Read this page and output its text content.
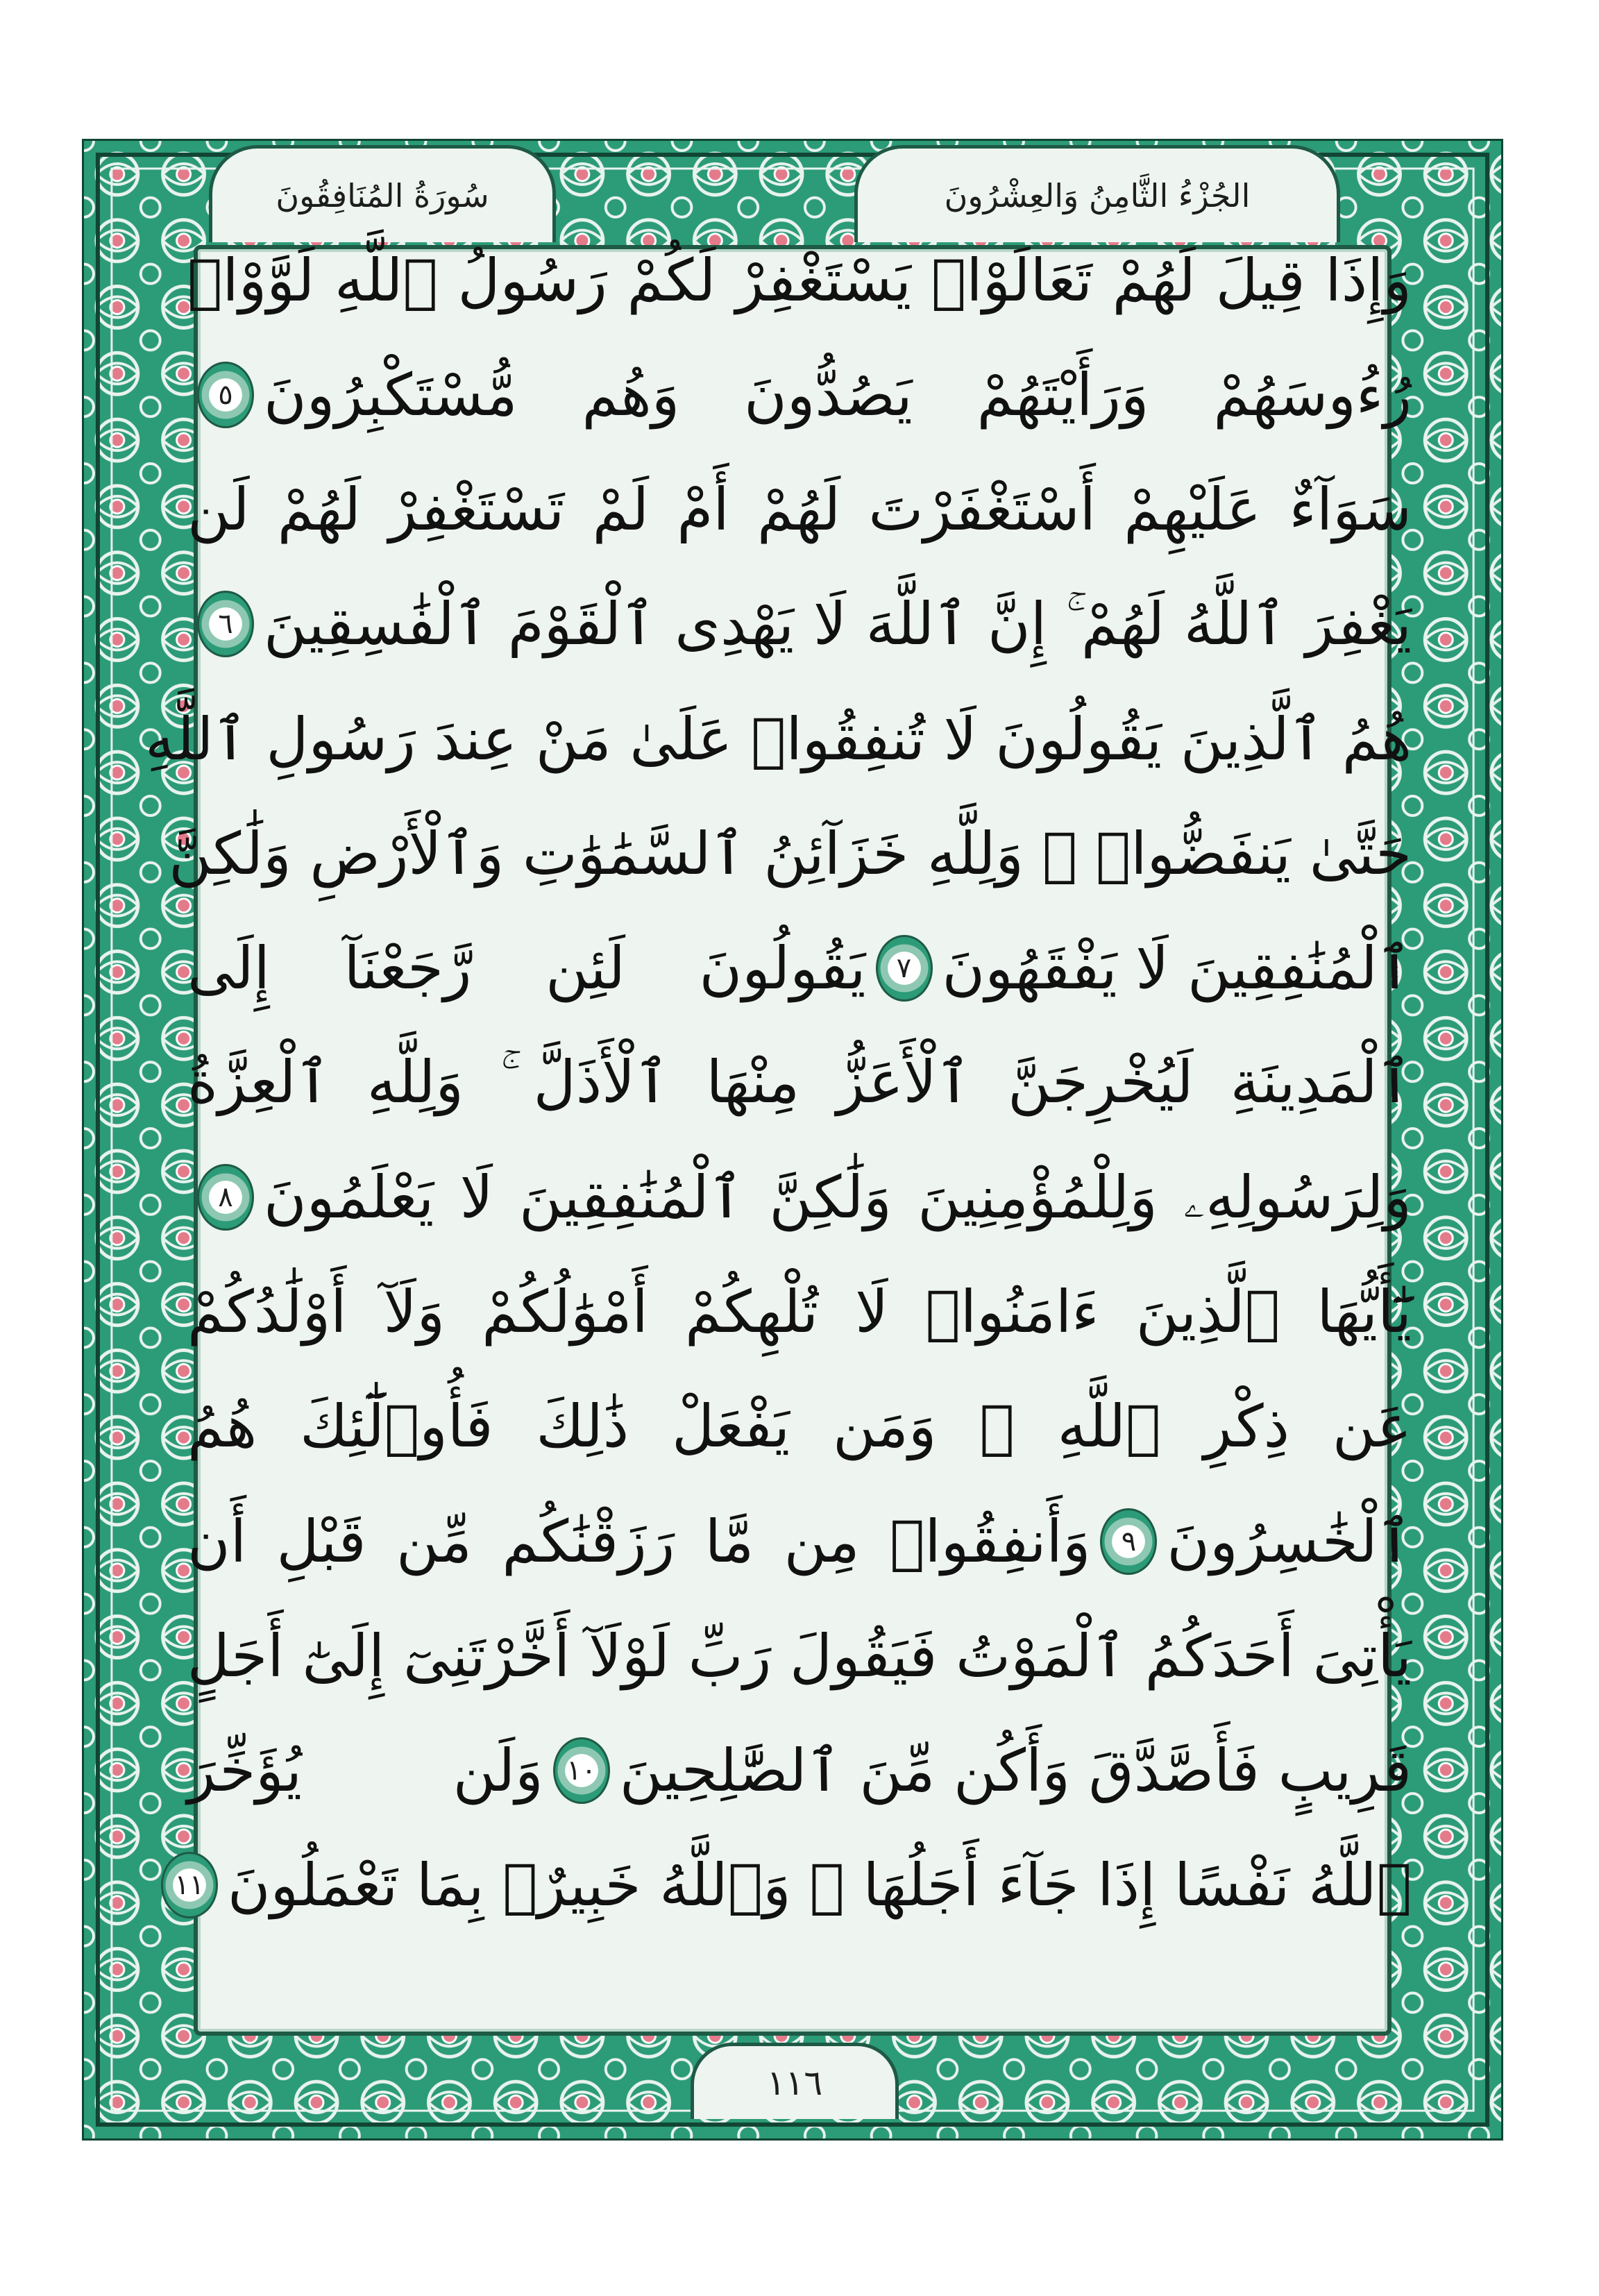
الجُزْءُ الثَّامِنُ وَالعِشْرُونَ
سُورَةُ المُنَافِقُونَ
١١٦
وَإِذَا قِيلَ لَهُمْ تَعَالَوْا۟ يَسْتَغْفِرْ لَكُمْ رَسُولُ ٱللَّهِ لَوَّوْا۟
رُءُوسَهُمْ وَرَأَيْتَهُمْ يَصُدُّونَ وَهُم مُّسْتَكْبِرُونَ
٥
سَوَآءٌ عَلَيْهِمْ أَسْتَغْفَرْتَ لَهُمْ أَمْ لَمْ تَسْتَغْفِرْ لَهُمْ لَن
يَغْفِرَ ٱللَّهُ لَهُمْ ۚ إِنَّ ٱللَّهَ لَا يَهْدِى ٱلْقَوْمَ ٱلْفَٰسِقِينَ
٦
هُمُ ٱلَّذِينَ يَقُولُونَ لَا تُنفِقُوا۟ عَلَىٰ مَنْ عِندَ رَسُولِ ٱللَّهِ
حَتَّىٰ يَنفَضُّوا۟ ۗ وَلِلَّهِ خَزَآئِنُ ٱلسَّمَٰوَٰتِ وَٱلْأَرْضِ وَلَٰكِنَّ
ٱلْمُنَٰفِقِينَ لَا يَفْقَهُونَ
٧
يَقُولُونَ لَئِن رَّجَعْنَآ إِلَى
ٱلْمَدِينَةِ لَيُخْرِجَنَّ ٱلْأَعَزُّ مِنْهَا ٱلْأَذَلَّ ۚ وَلِلَّهِ ٱلْعِزَّةُ
وَلِرَسُولِهِۦ وَلِلْمُؤْمِنِينَ وَلَٰكِنَّ ٱلْمُنَٰفِقِينَ لَا يَعْلَمُونَ
٨
يَٰٓأَيُّهَا ٱلَّذِينَ ءَامَنُوا۟ لَا تُلْهِكُمْ أَمْوَٰلُكُمْ وَلَآ أَوْلَٰدُكُمْ
عَن ذِكْرِ ٱللَّهِ ۚ وَمَن يَفْعَلْ ذَٰلِكَ فَأُو۟لَٰٓئِكَ هُمُ
ٱلْخَٰسِرُونَ
٩
وَأَنفِقُوا۟ مِن مَّا رَزَقْنَٰكُم مِّن قَبْلِ أَن
يَأْتِىَ أَحَدَكُمُ ٱلْمَوْتُ فَيَقُولَ رَبِّ لَوْلَآ أَخَّرْتَنِىٓ إِلَىٰٓ أَجَلٍ
قَرِيبٍ فَأَصَّدَّقَ وَأَكُن مِّنَ ٱلصَّٰلِحِينَ
١٠
وَلَن يُؤَخِّرَ
ٱللَّهُ نَفْسًا إِذَا جَآءَ أَجَلُهَا ۚ وَٱللَّهُ خَبِيرٌۢ بِمَا تَعْمَلُونَ
١١
